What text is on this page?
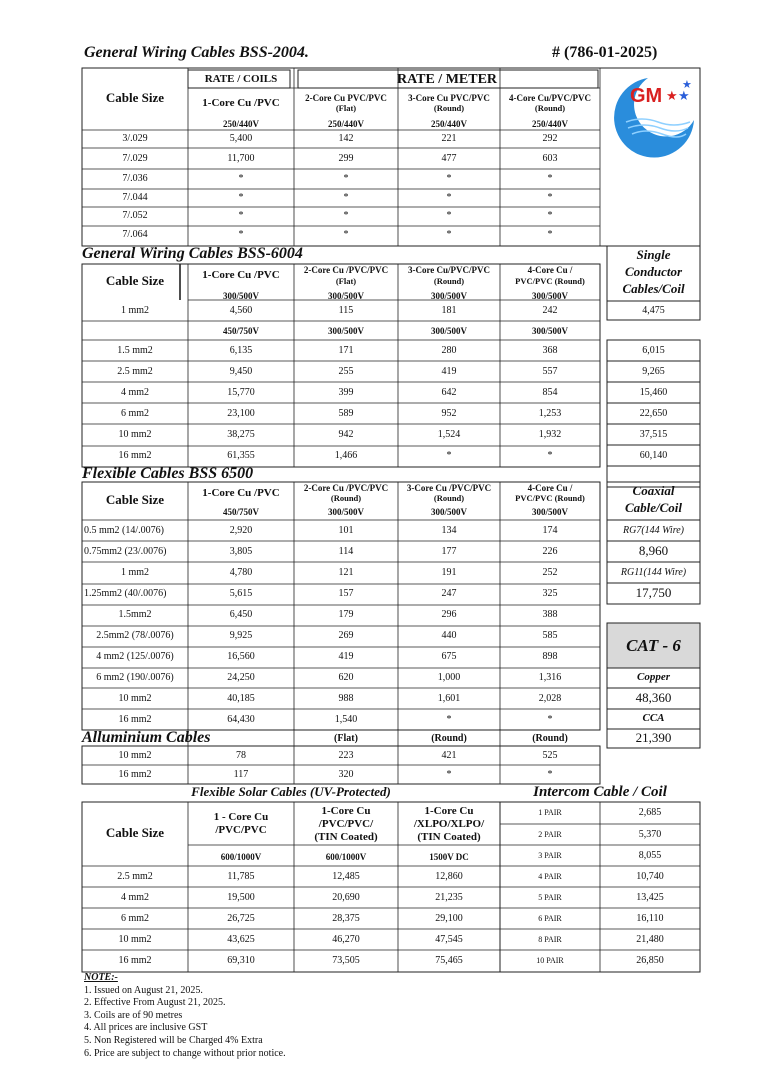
General Wiring Cables BSS-2004.	# (786-01-2025)
GM ★ ★
★
Cable Size
RATE / COILS	RATE / METER
1-Core Cu /PVC
250/440V
2-Core Cu PVC/PVC
(Flat)
250/440V
3-Core Cu PVC/PVC
(Round)
250/440V
4-Core Cu/PVC/PVC
(Round)
250/440V
3/.029	5,400	142	221	292
7/.029	11,700	299	477	603
7/.036	*	*	*	*
7/.044	*	*	*	*
7/.052	*	*	*	*
7/.064	*	*	*	*
General Wiring Cables BSS-6004
Cable Size	1-Core Cu /PVC
300/500V
2-Core Cu /PVC/PVC
(Flat)
300/500V
3-Core Cu/PVC/PVC
(Round)
300/500V
4-Core Cu /
PVC/PVC (Round)
300/500V
Single
Conductor
Cables/Coil
1 mm2	4,560	115	181	242	4,475
450/750V	300/500V	300/500V	300/500V
1.5 mm2	6,135	171	280	368	6,015
2.5 mm2	9,450	255	419	557	9,265
4 mm2	15,770	399	642	854	15,460
6 mm2	23,100	589	952	1,253	22,650
10 mm2	38,275	942	1,524	1,932	37,515
16 mm2	61,355	1,466	*	*	60,140
Flexible Cables BSS 6500
Cable Size	1-Core Cu /PVC
450/750V
2-Core Cu /PVC/PVC
(Round)
300/500V
3-Core Cu /PVC/PVC
(Round)
300/500V
4-Core Cu /
PVC/PVC (Round)
300/500V
0.5 mm2 (14/.0076)	2,920	101	134	174
0.75mm2 (23/.0076)	3,805	114	177	226
1 mm2	4,780	121	191	252
1.25mm2 (40/.0076)	5,615	157	247	325
1.5mm2	6,450	179	296	388
2.5mm2 (78/.0076)	9,925	269	440	585
4 mm2 (125/.0076)	16,560	419	675	898
6 mm2 (190/.0076)	24,250	620	1,000	1,316
10 mm2	40,185	988	1,601	2,028
16 mm2	64,430	1,540	*	*
Coaxial
Cable/Coil
RG7(144 Wire)
8,960
RG11(144 Wire)
17,750
CAT - 6
Copper
48,360
CCA
21,390
Alluminium Cables	(Flat)	(Round)	(Round)
10 mm2	78	223	421	525
16 mm2	117	320	*	*
Flexible Solar Cables (UV-Protected)	Intercom Cable / Coil
Cable Size
1 - Core Cu
/PVC/PVC
600/1000V
1-Core Cu
/PVC/PVC/
(TIN Coated)
600/1000V
1-Core Cu
/XLPO/XLPO/
(TIN Coated)
1500V DC
2.5 mm2	11,785	12,485	12,860
4 mm2	19,500	20,690	21,235
6 mm2	26,725	28,375	29,100
10 mm2	43,625	46,270	47,545
16 mm2	69,310	73,505	75,465
1 PAIR	2,685
2 PAIR	5,370
3 PAIR	8,055
4 PAIR	10,740
5 PAIR	13,425
6 PAIR	16,110
8 PAIR	21,480
10 PAIR	26,850
NOTE:-
1. Issued on August 21, 2025.
2. Effective From August 21, 2025.
3. Coils are of 90 metres
4. All prices are inclusive GST
5. Non Registered will be Charged 4% Extra
6. Price are subject to change without prior notice.
